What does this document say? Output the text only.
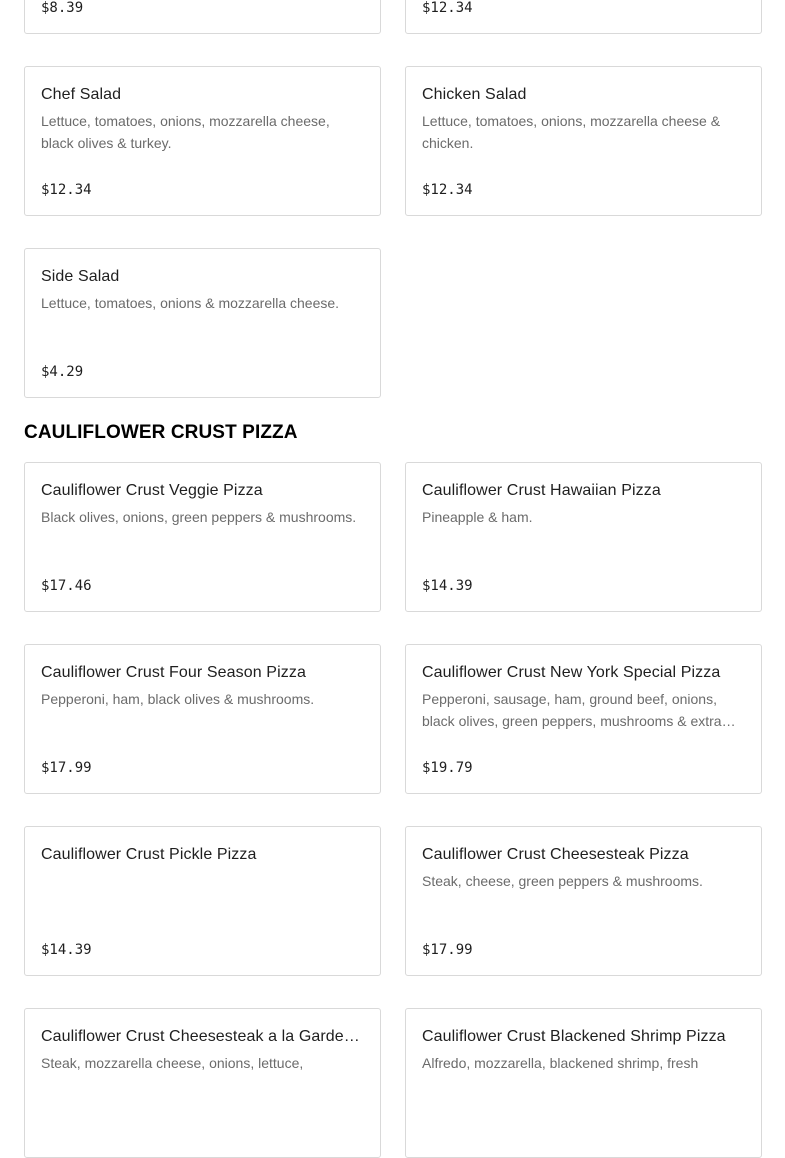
$8.39	$12.34
Chef Salad
Lettuce, tomatoes, onions, mozzarella cheese, black olives & turkey.
$12.34
Chicken Salad
Lettuce, tomatoes, onions, mozzarella cheese & chicken.
$12.34
Side Salad
Lettuce, tomatoes, onions & mozzarella cheese.
$4.29
CAULIFLOWER CRUST PIZZA
Cauliflower Crust Veggie Pizza
Black olives, onions, green peppers & mushrooms.
$17.46
Cauliflower Crust Hawaiian Pizza
Pineapple & ham.
$14.39
Cauliflower Crust Four Season Pizza
Pepperoni, ham, black olives & mushrooms.
$17.99
Cauliflower Crust New York Special Pizza
Pepperoni, sausage, ham, ground beef, onions, black olives, green peppers, mushrooms & extra…
$19.79
Cauliflower Crust Pickle Pizza
$14.39
Cauliflower Crust Cheesesteak Pizza
Steak, cheese, green peppers & mushrooms.
$17.99
Cauliflower Crust Cheesesteak a la Garde…
Steak, mozzarella cheese, onions, lettuce,
Cauliflower Crust Blackened Shrimp Pizza
Alfredo, mozzarella, blackened shrimp, fresh
